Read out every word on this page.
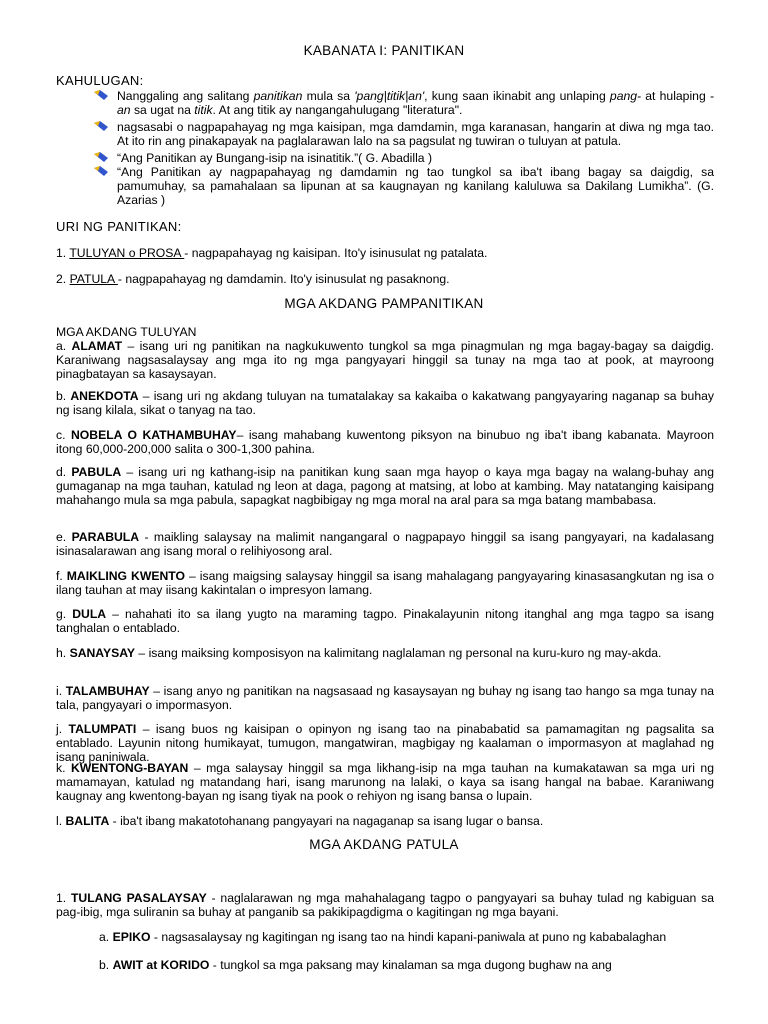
KABANATA I: PANITIKAN
KAHULUGAN:
Nanggaling ang salitang panitikan mula sa 'pang|titik|an', kung saan ikinabit ang unlaping pang- at hulaping -an sa ugat na titik. At ang titik ay nangangahulugang "literatura".
nagsasabi o nagpapahayag ng mga kaisipan, mga damdamin, mga karanasan, hangarin at diwa ng mga tao. At ito rin ang pinakapayak na paglalarawan lalo na sa pagsulat ng tuwiran o tuluyan at patula.
“Ang Panitikan ay Bungang-isip na isinatitik.”( G. Abadilla )
“Ang Panitikan ay nagpapahayag ng damdamin ng tao tungkol sa iba't ibang bagay sa daigdig, sa pamumuhay, sa pamahalaan sa lipunan at sa kaugnayan ng kanilang kaluluwa sa Dakilang Lumikha”. (G. Azarias )
URI NG PANITIKAN:
1. TULUYAN o PROSA - nagpapahayag ng kaisipan. Ito'y isinusulat ng patalata.
2. PATULA - nagpapahayag ng damdamin. Ito'y isinusulat ng pasaknong.
MGA AKDANG PAMPANITIKAN
MGA AKDANG TULUYAN
a. ALAMAT – isang uri ng panitikan na nagkukuwento tungkol sa mga pinagmulan ng mga bagay-bagay sa daigdig. Karaniwang nagsasalaysay ang mga ito ng mga pangyayari hinggil sa tunay na mga tao at pook, at mayroong pinagbatayan sa kasaysayan.
b. ANEKDOTA – isang uri ng akdang tuluyan na tumatalakay sa kakaiba o kakatwang pangyayaring naganap sa buhay ng isang kilala, sikat o tanyag na tao.
c. NOBELA O KATHAMBUHAY– isang mahabang kuwentong piksyon na binubuo ng iba't ibang kabanata. Mayroon itong 60,000-200,000 salita o 300-1,300 pahina.
d. PABULA – isang uri ng kathang-isip na panitikan kung saan mga hayop o kaya mga bagay na walang-buhay ang gumaganap na mga tauhan, katulad ng leon at daga, pagong at matsing, at lobo at kambing. May natatanging kaisipang mahahango mula sa mga pabula, sapagkat nagbibigay ng mga moral na aral para sa mga batang mambabasa.
e. PARABULA - maikling salaysay na malimit nangangaral o nagpapayo hinggil sa isang pangyayari, na kadalasang isinasalarawan ang isang moral o relihiyosong aral.
f. MAIKLING KWENTO – isang maigsing salaysay hinggil sa isang mahalagang pangyayaring kinasasangkutan ng isa o ilang tauhan at may iisang kakintalan o impresyon lamang.
g. DULA – nahahati ito sa ilang yugto na maraming tagpo. Pinakalayunin nitong itanghal ang mga tagpo sa isang tanghalan o entablado.
h. SANAYSAY – isang maiksing komposisyon na kalimitang naglalaman ng personal na kuru-kuro ng may-akda.
i. TALAMBUHAY – isang anyo ng panitikan na nagsasaad ng kasaysayan ng buhay ng isang tao hango sa mga tunay na tala, pangyayari o impormasyon.
j. TALUMPATI – isang buos ng kaisipan o opinyon ng isang tao na pinababatid sa pamamagitan ng pagsalita sa entablado. Layunin nitong humikayat, tumugon, mangatwiran, magbigay ng kaalaman o impormasyon at maglahad ng isang paniniwala.
k. KWENTONG-BAYAN – mga salaysay hinggil sa mga likhang-isip na mga tauhan na kumakatawan sa mga uri ng mamamayan, katulad ng matandang hari, isang marunong na lalaki, o kaya sa isang hangal na babae. Karaniwang kaugnay ang kwentong-bayan ng isang tiyak na pook o rehiyon ng isang bansa o lupain.
l. BALITA - iba't ibang makatotohanang pangyayari na nagaganap sa isang lugar o bansa.
MGA AKDANG PATULA
1. TULANG PASALAYSAY - naglalarawan ng mga mahahalagang tagpo o pangyayari sa buhay tulad ng kabiguan sa pag-ibig, mga suliranin sa buhay at panganib sa pakikipagdigma o kagitingan ng mga bayani.
a. EPIKO - nagsasalaysay ng kagitingan ng isang tao na hindi kapani-paniwala at puno ng kababalaghan
b. AWIT at KORIDO - tungkol sa mga paksang may kinalaman sa mga dugong bughaw na ang
